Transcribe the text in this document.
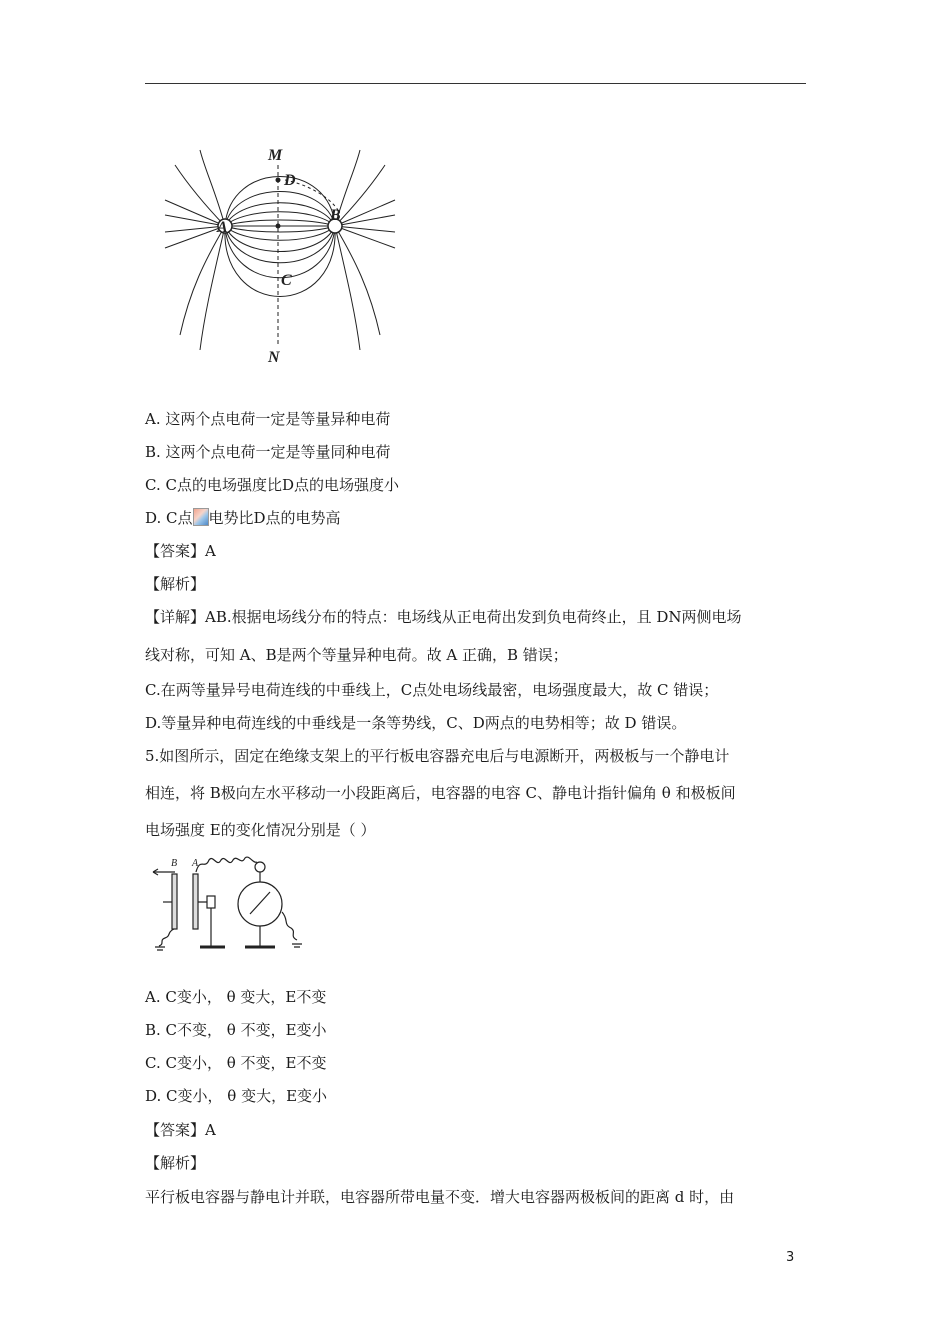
M
D
A
B
C
N
A. 这两个点电荷一定是等量异种电荷
B. 这两个点电荷一定是等量同种电荷
C. C点的电场强度比D点的电场强度小
D. C点 电势比D点的电势高
【答案】A
【解析】
【详解】AB.根据电场线分布的特点：电场线从正电荷出发到负电荷终止，且 DN两侧电场
线对称，可知 A、B是两个等量异种电荷。故 A 正确，B 错误；
C.在两等量异号电荷连线的中垂线上，C点处电场线最密，电场强度最大，故 C 错误；
D.等量异种电荷连线的中垂线是一条等势线，C、D两点的电势相等；故 D 错误。
5.如图所示，固定在绝缘支架上的平行板电容器充电后与电源断开，两极板与一个静电计
相连，将 B极向左水平移动一小段距离后，电容器的电容 C、静电计指针偏角 θ 和极板间
电场强度 E的变化情况分别是（ ）
B A
A. C变小， θ 变大，E不变
B. C不变， θ 不变，E变小
C. C变小， θ 不变，E不变
D. C变小， θ 变大，E变小
【答案】A
【解析】
平行板电容器与静电计并联，电容器所带电量不变．增大电容器两极板间的距离 d 时，由
3
